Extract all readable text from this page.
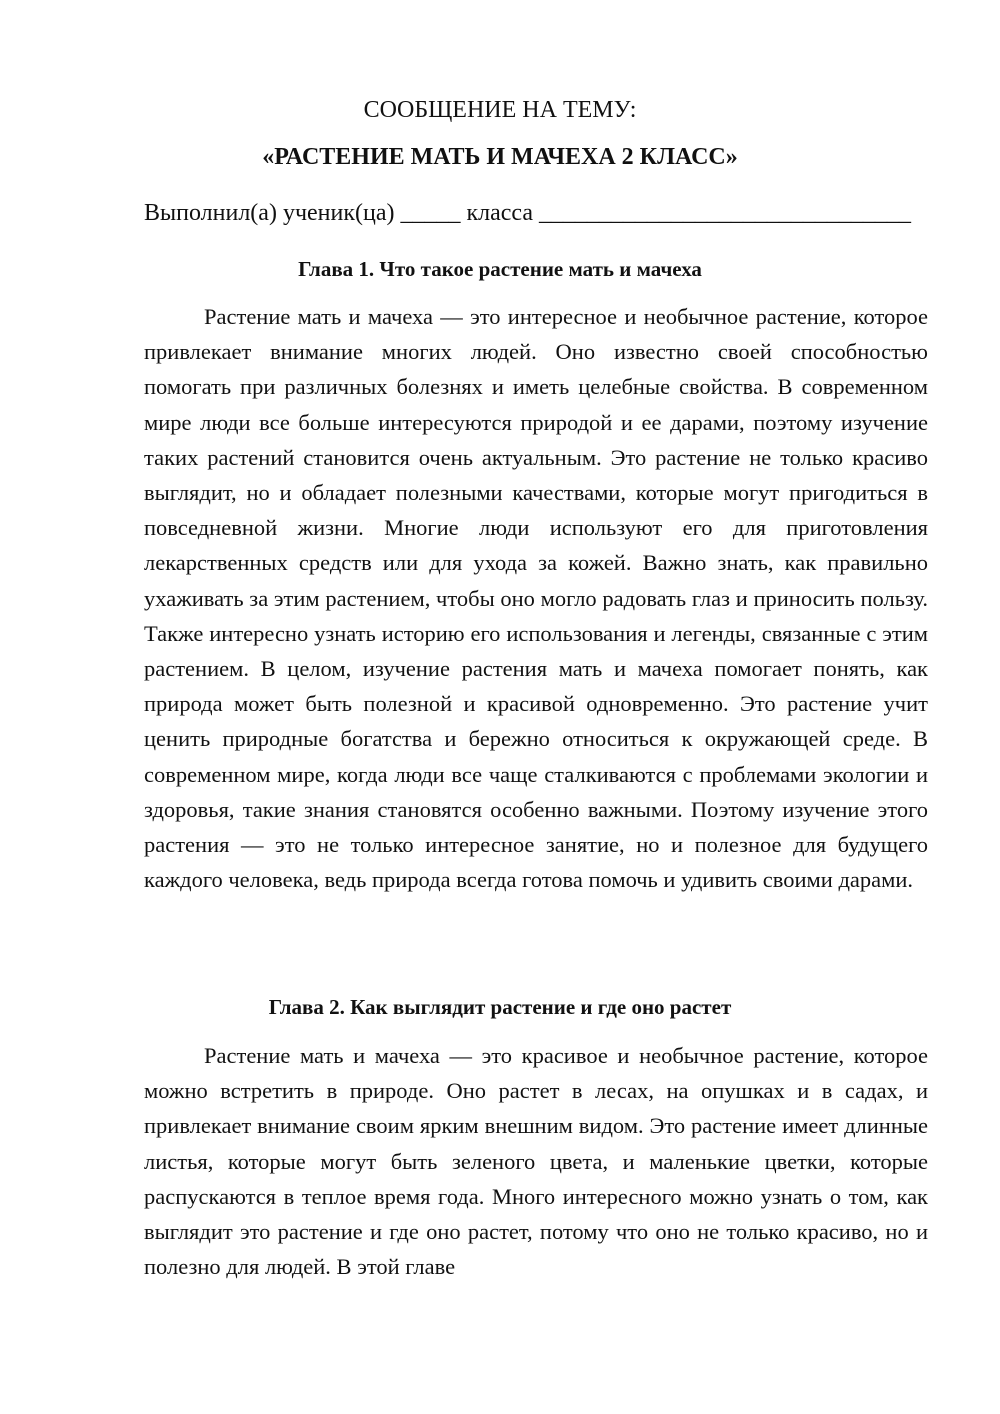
СООБЩЕНИЕ НА ТЕМУ:
«РАСТЕНИЕ МАТЬ И МАЧЕХА 2 КЛАСС»
Выполнил(а) ученик(ца) _____ класса _______________________________
Глава 1. Что такое растение мать и мачеха

Растение мать и мачеха — это интересное и необычное растение, которое привлекает внимание многих людей. Оно известно своей способностью помогать при различных болезнях и иметь целебные свойства. В современном мире люди все больше интересуются природой и ее дарами, поэтому изучение таких растений становится очень актуальным. Это растение не только красиво выглядит, но и обладает полезными качествами, которые могут пригодиться в повседневной жизни. Многие люди используют его для приготовления лекарственных средств или для ухода за кожей. Важно знать, как правильно ухаживать за этим растением, чтобы оно могло радовать глаз и приносить пользу. Также интересно узнать историю его использования и легенды, связанные с этим растением. В целом, изучение растения мать и мачеха помогает понять, как природа может быть полезной и красивой одновременно. Это растение учит ценить природные богатства и бережно относиться к окружающей среде. В современном мире, когда люди все чаще сталкиваются с проблемами экологии и здоровья, такие знания становятся особенно важными. Поэтому изучение этого растения — это не только интересное занятие, но и полезное для будущего каждого человека, ведь природа всегда готова помочь и удивить своими дарами.

Глава 2. Как выглядит растение и где оно растет

Растение мать и мачеха — это красивое и необычное растение, которое можно встретить в природе. Оно растет в лесах, на опушках и в садах, и привлекает внимание своим ярким внешним видом. Это растение имеет длинные листья, которые могут быть зеленого цвета, и маленькие цветки, которые распускаются в теплое время года. Много интересного можно узнать о том, как выглядит это растение и где оно растет, потому что оно не только красиво, но и полезно для людей. В этой главе
